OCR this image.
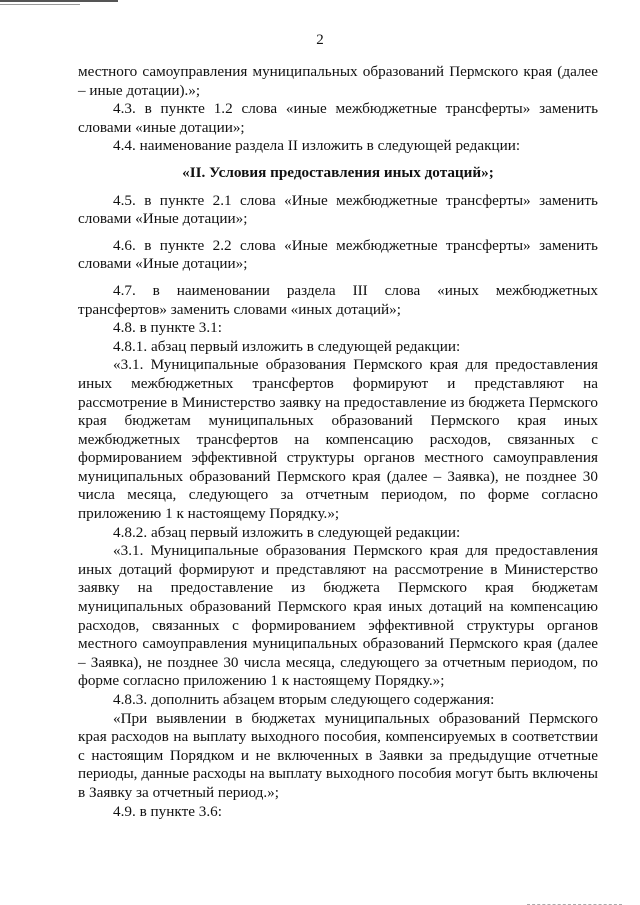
2

местного самоуправления муниципальных образований Пермского края (далее – иные дотации).»;

4.3. в пункте 1.2 слова «иные межбюджетные трансферты» заменить словами «иные дотации»;

4.4. наименование раздела II изложить в следующей редакции:

«II. Условия предоставления иных дотаций»;

4.5. в пункте 2.1 слова «Иные межбюджетные трансферты» заменить словами «Иные дотации»;

4.6. в пункте 2.2 слова «Иные межбюджетные трансферты» заменить словами «Иные дотации»;

4.7. в наименовании раздела III слова «иных межбюджетных трансфертов» заменить словами «иных дотаций»;

4.8. в пункте 3.1:

4.8.1. абзац первый изложить в следующей редакции:

«3.1. Муниципальные образования Пермского края для предоставления иных межбюджетных трансфертов формируют и представляют на рассмотрение в Министерство заявку на предоставление из бюджета Пермского края бюджетам муниципальных образований Пермского края иных межбюджетных трансфертов на компенсацию расходов, связанных с формированием эффективной структуры органов местного самоуправления муниципальных образований Пермского края (далее – Заявка), не позднее 30 числа месяца, следующего за отчетным периодом, по форме согласно приложению 1 к настоящему Порядку.»;

4.8.2. абзац первый изложить в следующей редакции:

«3.1. Муниципальные образования Пермского края для предоставления иных дотаций формируют и представляют на рассмотрение в Министерство заявку на предоставление из бюджета Пермского края бюджетам муниципальных образований Пермского края иных дотаций на компенсацию расходов, связанных с формированием эффективной структуры органов местного самоуправления муниципальных образований Пермского края (далее – Заявка), не позднее 30 числа месяца, следующего за отчетным периодом, по форме согласно приложению 1 к настоящему Порядку.»;

4.8.3. дополнить абзацем вторым следующего содержания:

«При выявлении в бюджетах муниципальных образований Пермского края расходов на выплату выходного пособия, компенсируемых в соответствии с настоящим Порядком и не включенных в Заявки за предыдущие отчетные периоды, данные расходы на выплату выходного пособия могут быть включены в Заявку за отчетный период.»;

4.9. в пункте 3.6:
